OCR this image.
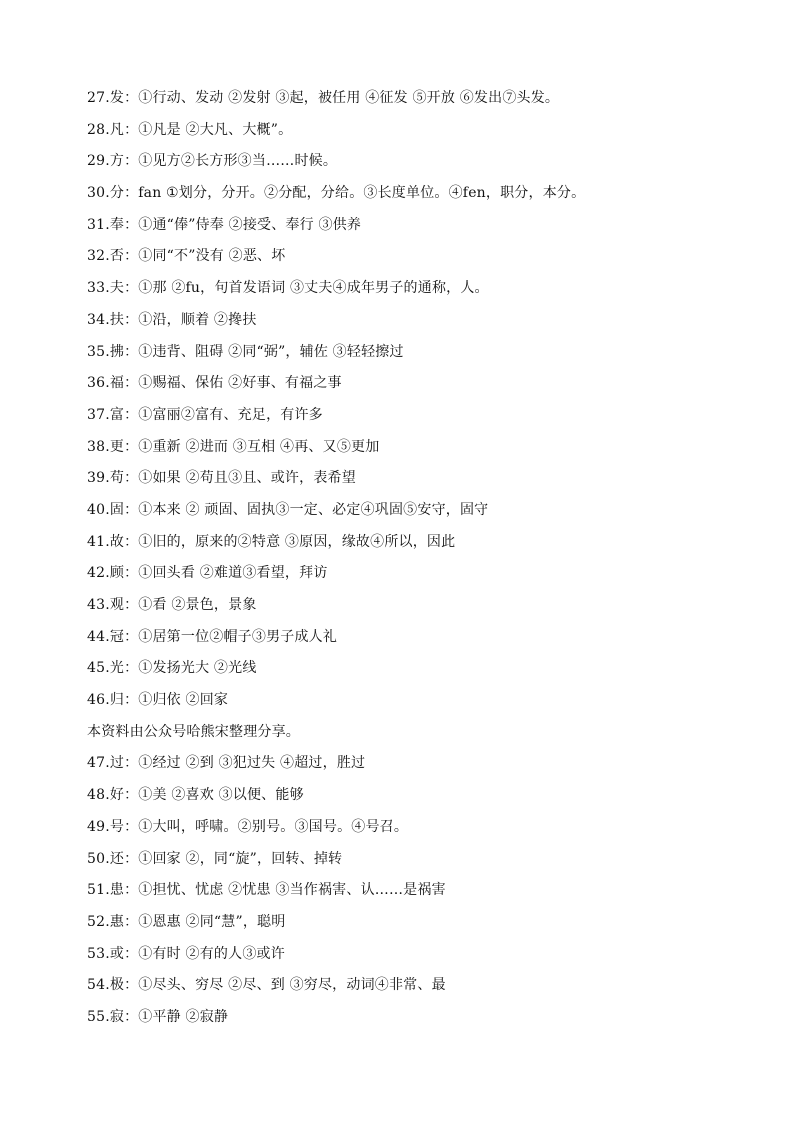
27.发：①行动、发动 ②发射 ③起，被任用 ④征发 ⑤开放 ⑥发出⑦头发。
28.凡：①凡是 ②大凡、大概”。
29.方：①见方②长方形③当……时候。
30.分：fan ①划分，分开。②分配，分给。③长度单位。④fen，职分，本分。
31.奉：①通“俸”侍奉 ②接受、奉行 ③供养
32.否：①同“不”没有 ②恶、坏
33.夫：①那 ②fu，句首发语词 ③丈夫④成年男子的通称，人。
34.扶：①沿，顺着 ②搀扶
35.拂：①违背、阻碍 ②同“弼”，辅佐 ③轻轻擦过
36.福：①赐福、保佑 ②好事、有福之事
37.富：①富丽②富有、充足，有许多
38.更：①重新 ②进而 ③互相 ④再、又⑤更加
39.苟：①如果 ②苟且③且、或许，表希望
40.固：①本来 ② 顽固、固执③一定、必定④巩固⑤安守，固守
41.故：①旧的，原来的②特意 ③原因，缘故④所以，因此
42.顾：①回头看 ②难道③看望，拜访
43.观：①看 ②景色，景象
44.冠：①居第一位②帽子③男子成人礼
45.光：①发扬光大 ②光线
46.归：①归依 ②回家
本资料由公众号哈熊宋整理分享。
47.过：①经过 ②到 ③犯过失 ④超过，胜过
48.好：①美 ②喜欢 ③以便、能够
49.号：①大叫，呼啸。②别号。③国号。④号召。
50.还：①回家 ②，同“旋”，回转、掉转
51.患：①担忧、忧虑 ②忧患 ③当作祸害、认……是祸害
52.惠：①恩惠 ②同“慧”，聪明
53.或：①有时 ②有的人③或许
54.极：①尽头、穷尽 ②尽、到 ③穷尽，动词④非常、最
55.寂：①平静 ②寂静
